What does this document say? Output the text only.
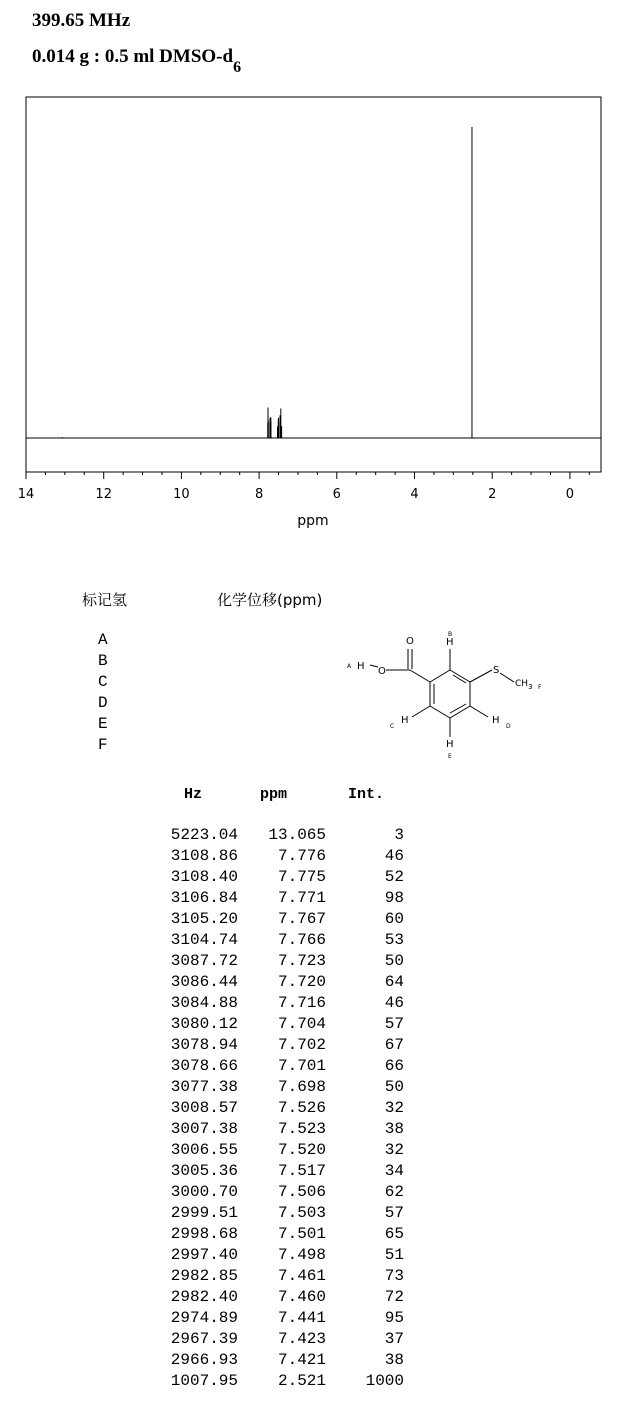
399.65 MHz
0.014 g : 0.5 ml DMSO-$d_6$
14	12	10	8	6	4	2	0
ppm
标记氢	化学位移(ppm)
A
B
C
D
E
F
O
O
H
A
H
B
S
$CH_3$ F
H
C
H
D
H
E
Hz	ppm	Int.
5223.04 13.065	3
3108.86 7.776	46
3108.40 7.775	52
3106.84 7.771	98
3105.20 7.767	60
3104.74 7.766	53
3087.72 7.723	50
3086.44 7.720	64
3084.88 7.716	46
3080.12 7.704	57
3078.94 7.702	67
3078.66 7.701	66
3077.38 7.698	50
3008.57 7.526	32
3007.38 7.523	38
3006.55 7.520	32
3005.36 7.517	34
3000.70 7.506	62
2999.51 7.503	57
2998.68 7.501	65
2997.40 7.498	51
2982.85 7.461	73
2982.40 7.460	72
2974.89 7.441	95
2967.39 7.423	37
2966.93 7.421	38
1007.95 2.521 1000
